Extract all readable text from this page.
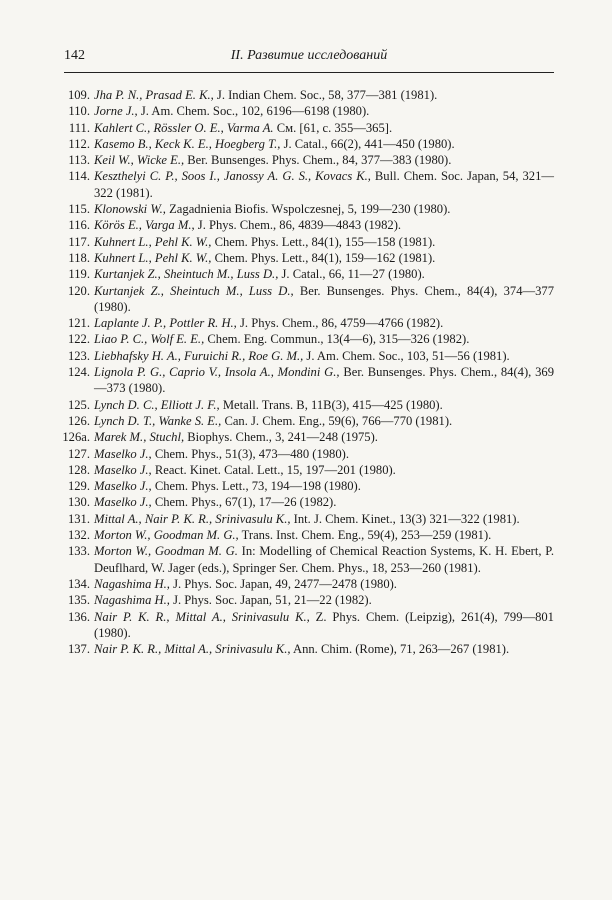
142	II. Развитие исследований
109. Jha P. N., Prasad E. K., J. Indian Chem. Soc., 58, 377—381 (1981).
110. Jorne J., J. Am. Chem. Soc., 102, 6196—6198 (1980).
111. Kahlert C., Rössler O. E., Varma A. См. [61, с. 355—365].
112. Kasemo B., Keck K. E., Hoegberg T., J. Catal., 66(2), 441—450 (1980).
113. Keil W., Wicke E., Ber. Bunsenges. Phys. Chem., 84, 377—383 (1980).
114. Keszthelyi C. P., Soos I., Janossy A. G. S., Kovacs K., Bull. Chem. Soc. Japan, 54, 321—322 (1981).
115. Klonowski W., Zagadnienia Biofis. Wspolczesnej, 5, 199—230 (1980).
116. Körös E., Varga M., J. Phys. Chem., 86, 4839—4843 (1982).
117. Kuhnert L., Pehl K. W., Chem. Phys. Lett., 84(1), 155—158 (1981).
118. Kuhnert L., Pehl K. W., Chem. Phys. Lett., 84(1), 159—162 (1981).
119. Kurtanjek Z., Sheintuch M., Luss D., J. Catal., 66, 11—27 (1980).
120. Kurtanjek Z., Sheintuch M., Luss D., Ber. Bunsenges. Phys. Chem., 84(4), 374—377 (1980).
121. Laplante J. P., Pottler R. H., J. Phys. Chem., 86, 4759—4766 (1982).
122. Liao P. C., Wolf E. E., Chem. Eng. Commun., 13(4—6), 315—326 (1982).
123. Liebhafsky H. A., Furuichi R., Roe G. M., J. Am. Chem. Soc., 103, 51—56 (1981).
124. Lignola P. G., Caprio V., Insola A., Mondini G., Ber. Bunsenges. Phys. Chem., 84(4), 369—373 (1980).
125. Lynch D. C., Elliott J. F., Metall. Trans. B, 11B(3), 415—425 (1980).
126. Lynch D. T., Wanke S. E., Can. J. Chem. Eng., 59(6), 766—770 (1981).
126a. Marek M., Stuchl, Biophys. Chem., 3, 241—248 (1975).
127. Maselko J., Chem. Phys., 51(3), 473—480 (1980).
128. Maselko J., React. Kinet. Catal. Lett., 15, 197—201 (1980).
129. Maselko J., Chem. Phys. Lett., 73, 194—198 (1980).
130. Maselko J., Chem. Phys., 67(1), 17—26 (1982).
131. Mittal A., Nair P. K. R., Srinivasulu K., Int. J. Chem. Kinet., 13(3) 321—322 (1981).
132. Morton W., Goodman M. G., Trans. Inst. Chem. Eng., 59(4), 253—259 (1981).
133. Morton W., Goodman M. G. In: Modelling of Chemical Reaction Systems, K. H. Ebert, P. Deuflhard, W. Jager (eds.), Springer Ser. Chem. Phys., 18, 253—260 (1981).
134. Nagashima H., J. Phys. Soc. Japan, 49, 2477—2478 (1980).
135. Nagashima H., J. Phys. Soc. Japan, 51, 21—22 (1982).
136. Nair P. K. R., Mittal A., Srinivasulu K., Z. Phys. Chem. (Leipzig), 261(4), 799—801 (1980).
137. Nair P. K. R., Mittal A., Srinivasulu K., Ann. Chim. (Rome), 71, 263—267 (1981).
